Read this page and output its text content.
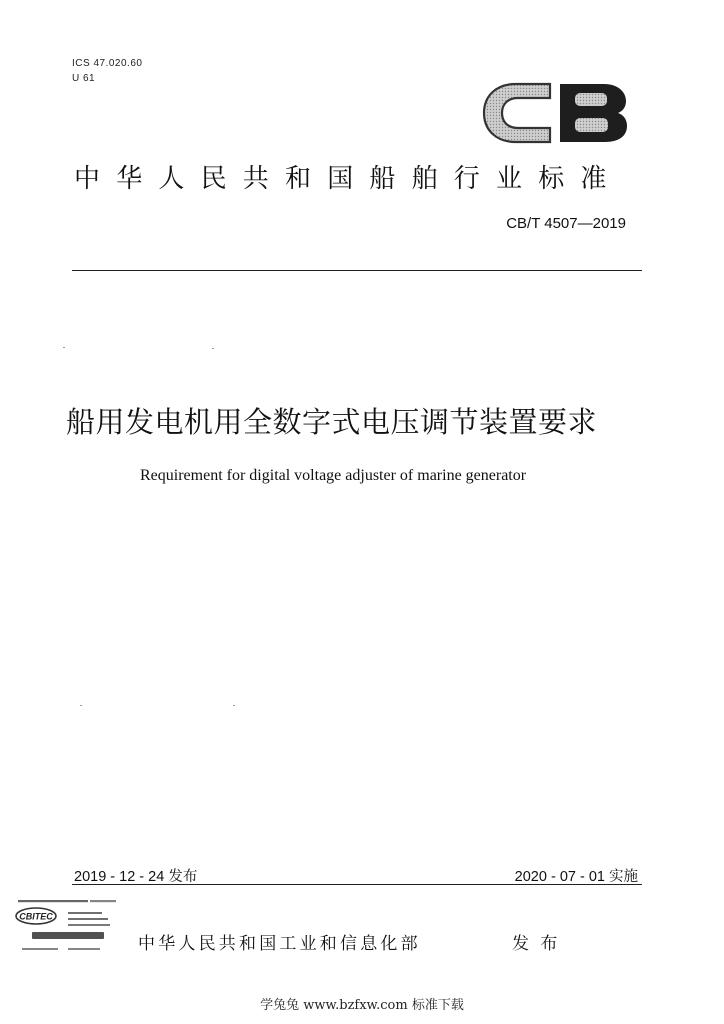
ICS 47.020.60
U 61
中华人民共和国船舶行业标准
CB/T 4507—2019
船用发电机用全数字式电压调节装置要求
Requirement for digital voltage adjuster of marine generator
2019 - 12 - 24 发布	2020 - 07 - 01 实施
CBITEC
中华人民共和国工业和信息化部	发 布
学兔兔 www.bzfxw.com 标准下载
